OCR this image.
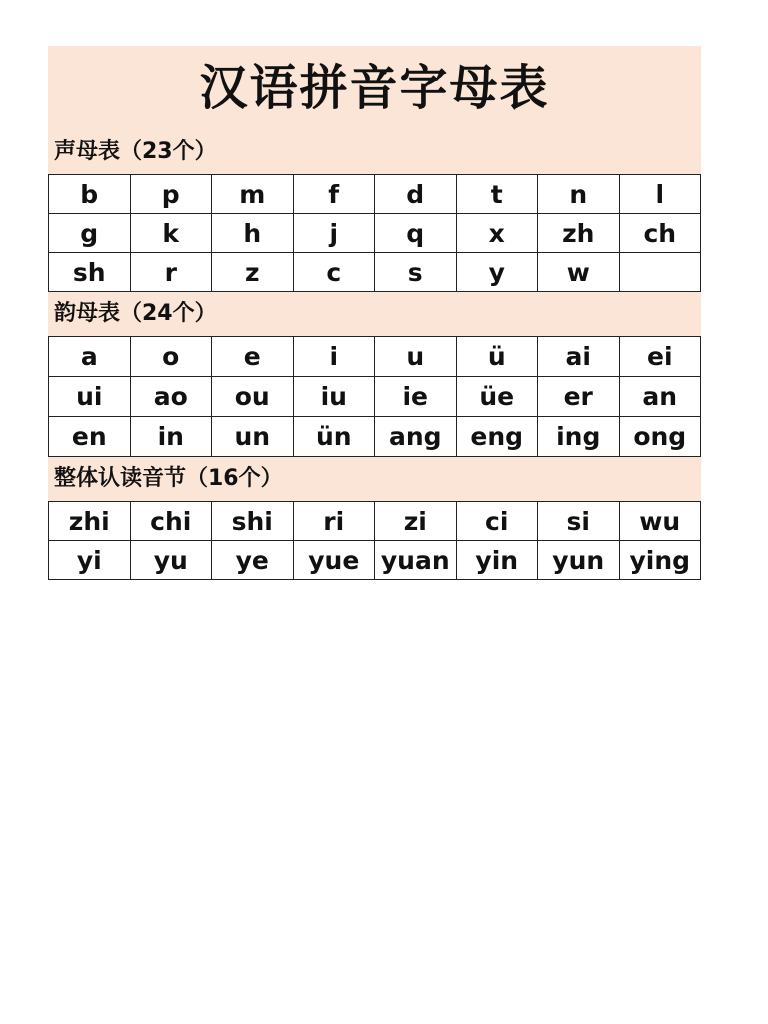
汉语拼音字母表
声母表（23个）
b	p	m	f	d	t	n	l
g	k	h	j	q	x	zh	ch
sh	r	z	c	s	y	w	
韵母表（24个）
a	o	e	i	u	ü	ai	ei
ui	ao	ou	iu	ie	üe	er	an
en	in	un	ün	ang	eng	ing	ong
整体认读音节（16个）
zhi	chi	shi	ri	zi	ci	si	wu
yi	yu	ye	yue	yuan	yin	yun	ying
